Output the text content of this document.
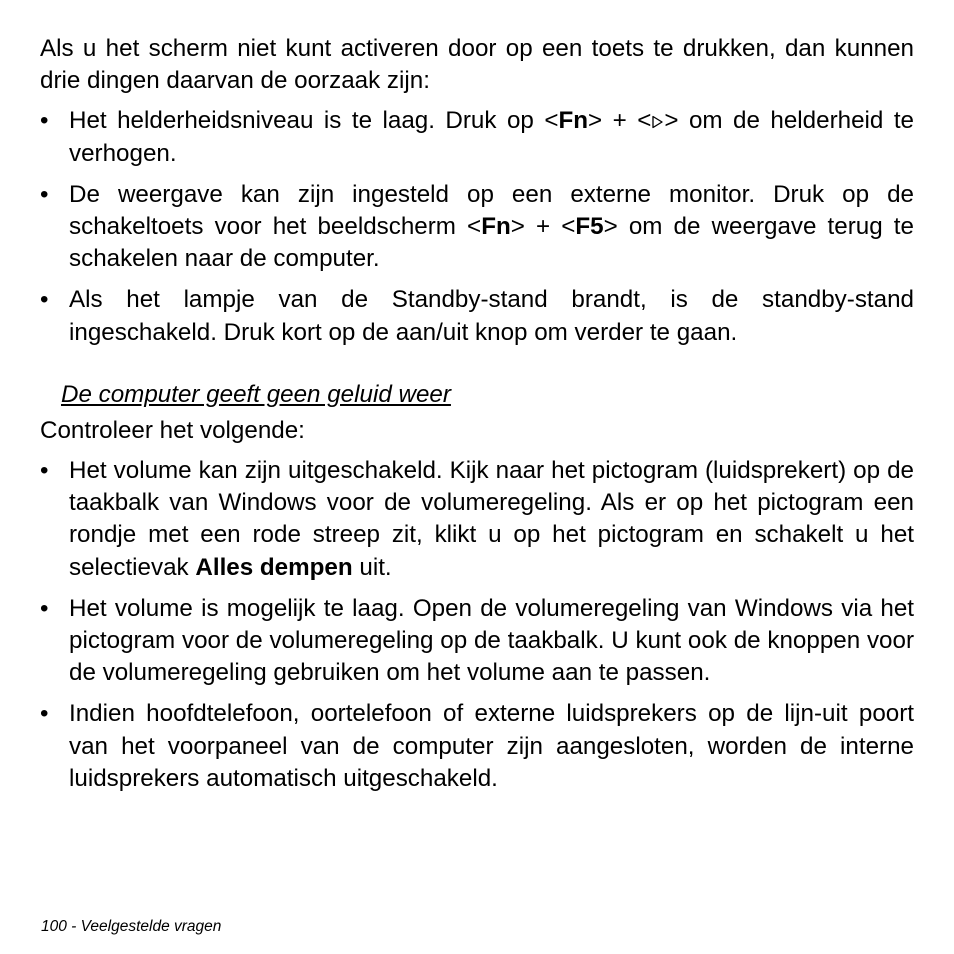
Als u het scherm niet kunt activeren door op een toets te drukken, dan kunnen drie dingen daarvan de oorzaak zijn:

• Het helderheidsniveau is te laag. Druk op <Fn> + < > om de helderheid te verhogen.
• De weergave kan zijn ingesteld op een externe monitor. Druk op de schakeltoets voor het beeldscherm <Fn> + <F5> om de weergave terug te schakelen naar de computer.
• Als het lampje van de Standby-stand brandt, is de standby-stand ingeschakeld. Druk kort op de aan/uit knop om verder te gaan.

De computer geeft geen geluid weer

Controleer het volgende:

• Het volume kan zijn uitgeschakeld. Kijk naar het pictogram (luidsprekert) op de taakbalk van Windows voor de volumeregeling. Als er op het pictogram een rondje met een rode streep zit, klikt u op het pictogram en schakelt u het selectievak Alles dempen uit.
• Het volume is mogelijk te laag. Open de volumeregeling van Windows via het pictogram voor de volumeregeling op de taakbalk. U kunt ook de knoppen voor de volumeregeling gebruiken om het volume aan te passen.
• Indien hoofdtelefoon, oortelefoon of externe luidsprekers op de lijn-uit poort van het voorpaneel van de computer zijn aangesloten, worden de interne luidsprekers automatisch uitgeschakeld.
100 - Veelgestelde vragen
